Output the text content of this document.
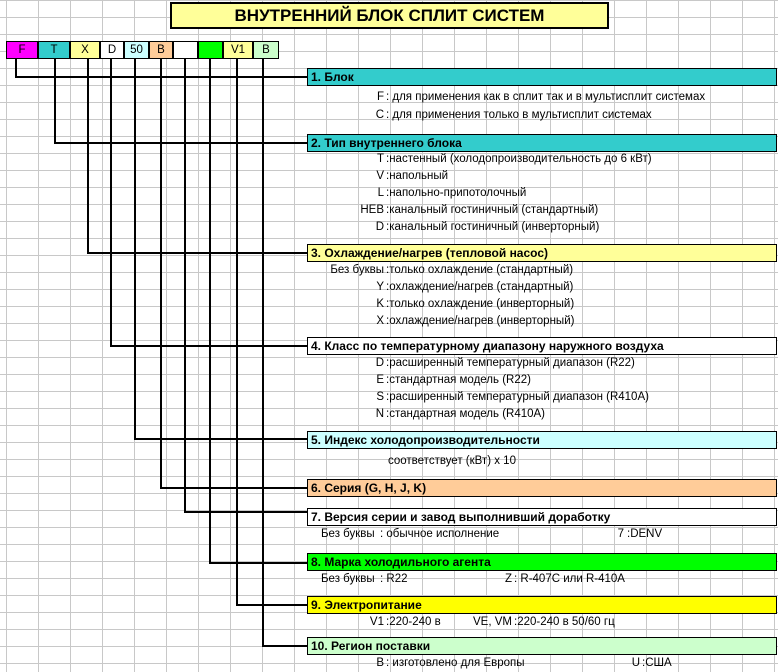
ВНУТРЕННИЙ БЛОК СПЛИТ СИСТЕМ
F	T	X	D	50	B	V1	B
1. Блок
F : для применения как в сплит так и в мультисплит системах
C : для применения только в мультисплит системах
2. Тип внутреннего блока
T :настенный (холодопроизводительность до 6 кВт)
V :напольный
L :напольно-припотолочный
HEB :канальный гостиничный (стандартный)
D :канальный гостиничный (инверторный)
3. Охлаждение/нагрев (тепловой насос)
Без буквы :только охлаждение (стандартный)
Y :охлаждение/нагрев (стандартный)
K :только охлаждение (инверторный)
X :охлаждение/нагрев (инверторный)
4. Класс по температурному диапазону наружного воздуха
D :расширенный температурный диапазон (R22)
E :стандартная модель (R22)
S :расширенный температурный диапазон (R410A)
N :стандартная модель (R410A)
5. Индекс холодопроизводительности
соответствует (кВт) х 10
6. Серия (G, H, J, K)
7. Версия серии и завод выполнивший доработку
Без буквы : обычное исполнение	7 :DENV
8. Марка холодильного агента
Без буквы : R22	Z : R-407C или R-410A
9. Электропитание
V1 :220-240 в	VE, VM :220-240 в 50/60 гц
10. Регион поставки
B : изготовлено для Европы	U :США
